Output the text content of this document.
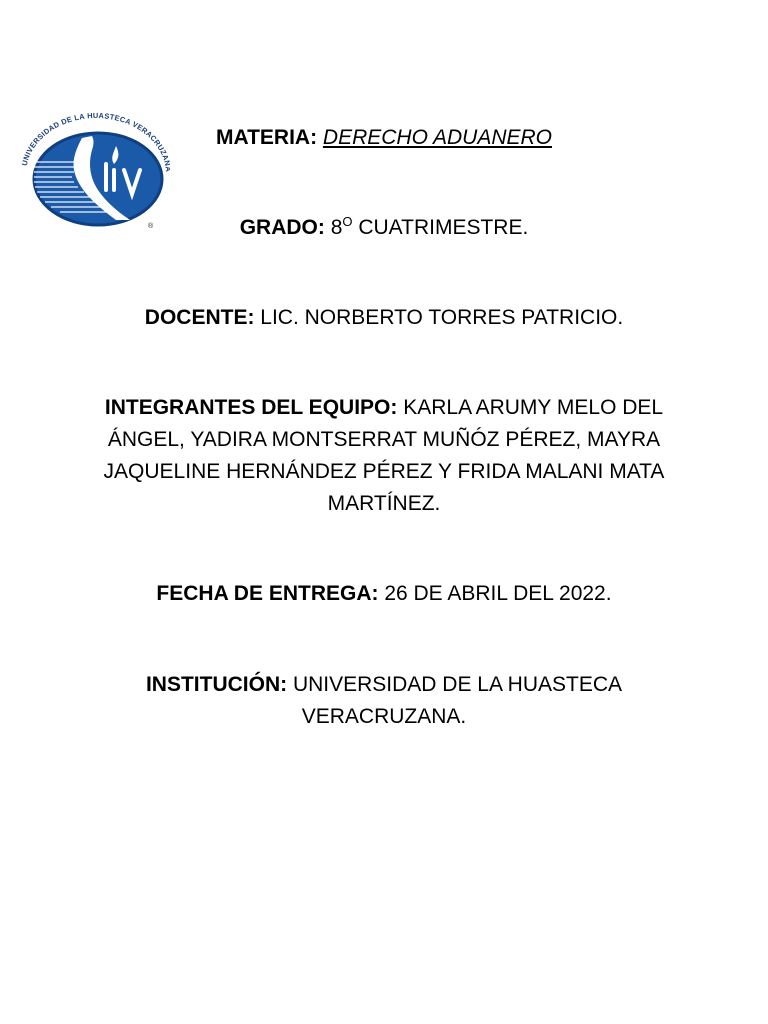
UNIVERSIDAD DE LA HUASTECA VERACRUZA
®
MATERIA: DERECHO ADUANERO
GRADO: $8^O$ CUATRIMESTRE.
DOCENTE: LIC. NORBERTO TORRES PATRICIO.
INTEGRANTES DEL EQUIPO: KARLA ARUMY MELO DEL ÁNGEL, YADIRA MONTSERRAT MUÑÓZ PÉREZ, MAYRA JAQUELINE HERNÁNDEZ PÉREZ Y FRIDA MALANI MATA MARTÍNEZ.
FECHA DE ENTREGA: 26 DE ABRIL DEL 2022.
INSTITUCIÓN: UNIVERSIDAD DE LA HUASTECA VERACRUZANA.
